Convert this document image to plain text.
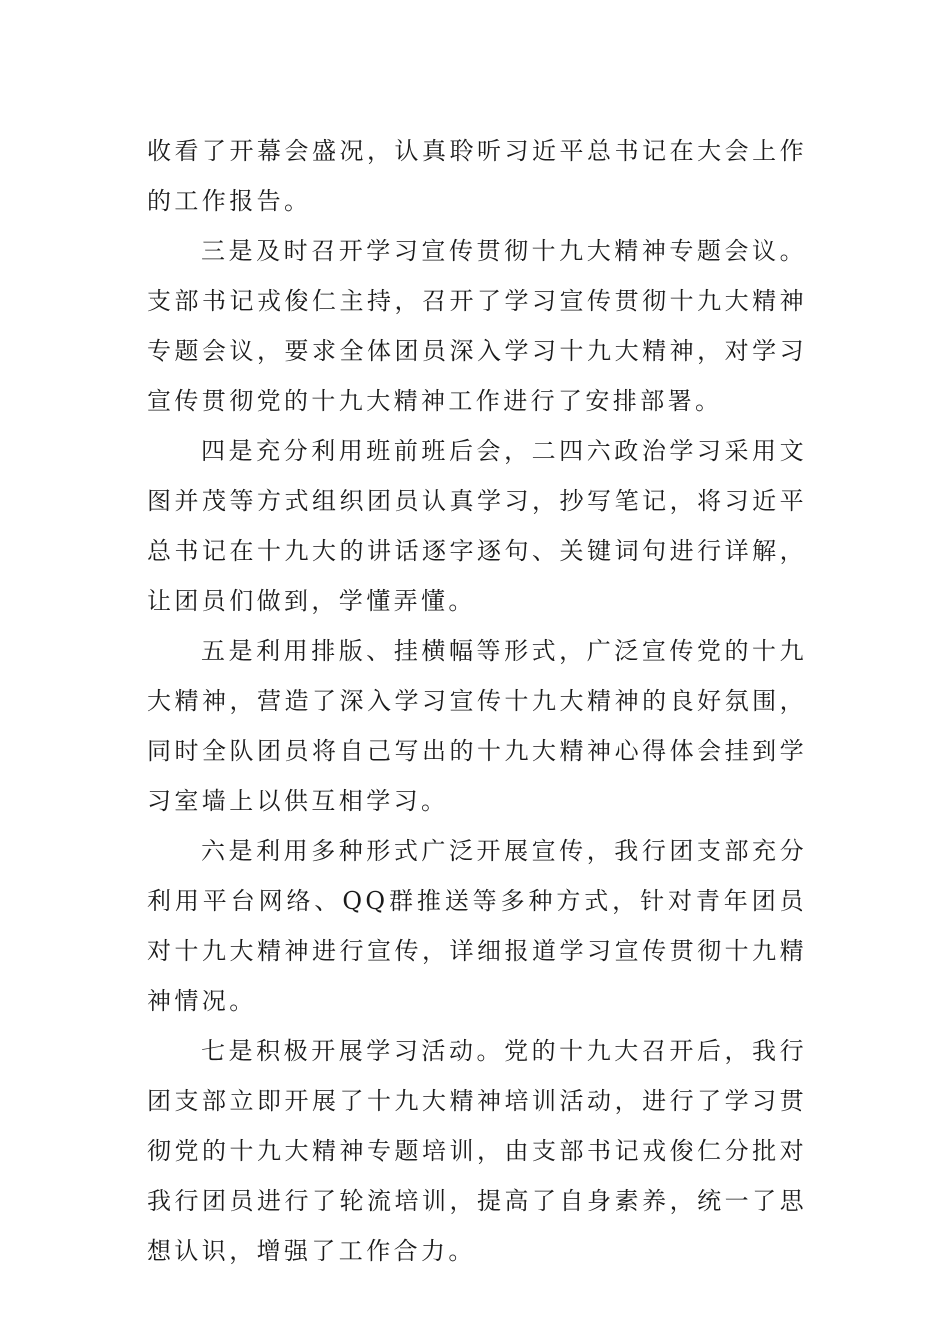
收看了开幕会盛况，认真聆听习近平总书记在大会上作的工作报告。

三是及时召开学习宣传贯彻十九大精神专题会议。支部书记戎俊仁主持，召开了学习宣传贯彻十九大精神专题会议，要求全体团员深入学习十九大精神，对学习宣传贯彻党的十九大精神工作进行了安排部署。

四是充分利用班前班后会，二四六政治学习采用文图并茂等方式组织团员认真学习，抄写笔记，将习近平总书记在十九大的讲话逐字逐句、关键词句进行详解，让团员们做到，学懂弄懂。

五是利用排版、挂横幅等形式，广泛宣传党的十九大精神，营造了深入学习宣传十九大精神的良好氛围，同时全队团员将自己写出的十九大精神心得体会挂到学习室墙上以供互相学习。

六是利用多种形式广泛开展宣传，我行团支部充分利用平台网络、QQ群推送等多种方式，针对青年团员对十九大精神进行宣传，详细报道学习宣传贯彻十九精神情况。

七是积极开展学习活动。党的十九大召开后，我行团支部立即开展了十九大精神培训活动，进行了学习贯彻党的十九大精神专题培训，由支部书记戎俊仁分批对我行团员进行了轮流培训，提高了自身素养，统一了思想认识，增强了工作合力。
